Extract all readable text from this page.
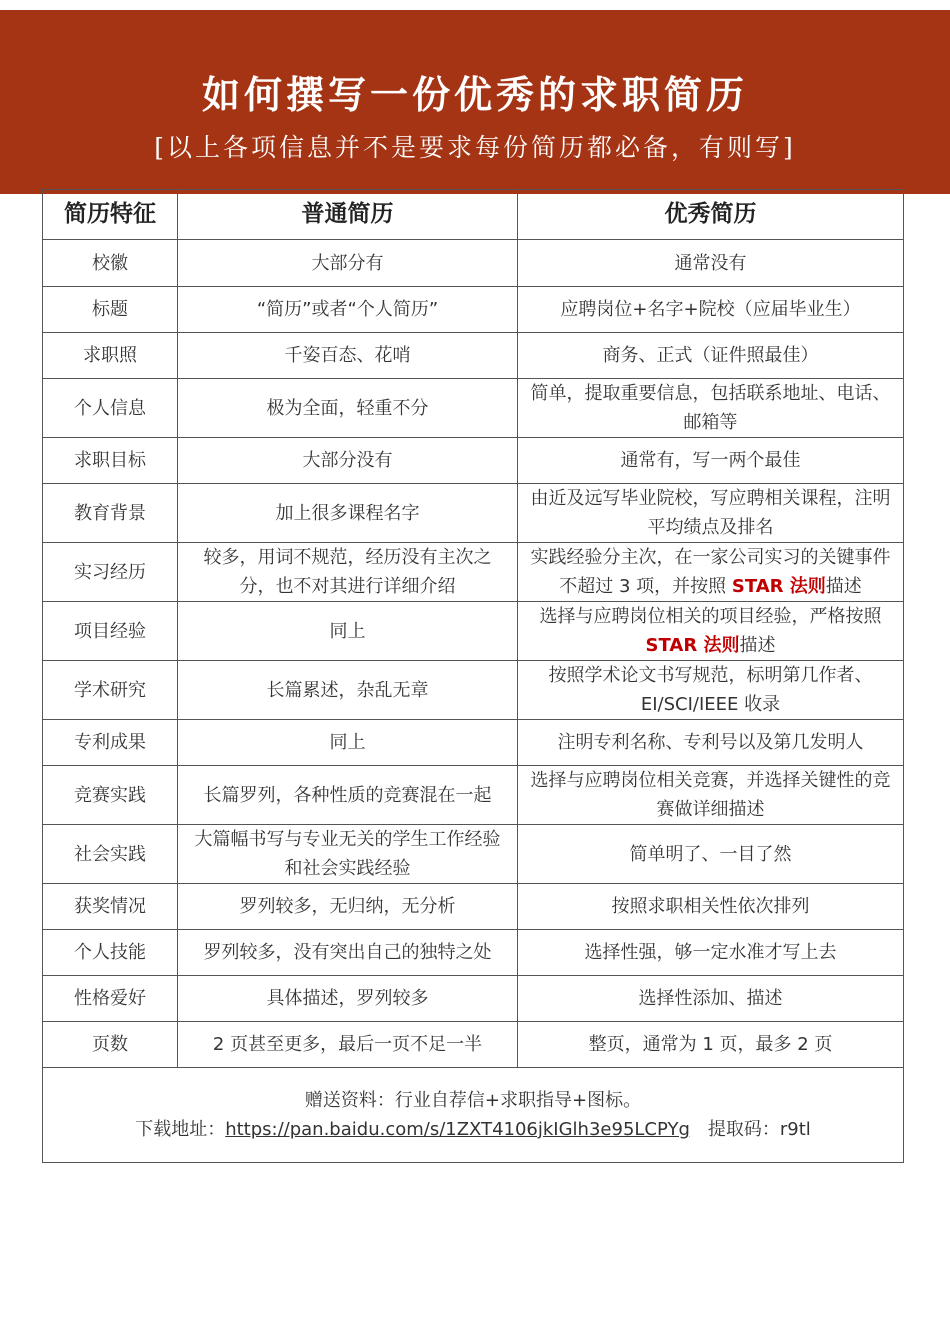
如何撰写一份优秀的求职简历
[以上各项信息并不是要求每份简历都必备，有则写]
简历特征	普通简历	优秀简历
校徽	大部分有	通常没有
标题	“简历”或者“个人简历”	应聘岗位+名字+院校（应届毕业生）
求职照	千姿百态、花哨	商务、正式（证件照最佳）
个人信息	极为全面，轻重不分	简单，提取重要信息，包括联系地址、电话、邮箱等
求职目标	大部分没有	通常有，写一两个最佳
教育背景	加上很多课程名字	由近及远写毕业院校，写应聘相关课程，注明平均绩点及排名
实习经历	较多，用词不规范，经历没有主次之分，也不对其进行详细介绍	实践经验分主次，在一家公司实习的关键事件不超过 3 项，并按照 STAR 法则描述
项目经验	同上	选择与应聘岗位相关的项目经验，严格按照 STAR 法则描述
学术研究	长篇累述，杂乱无章	按照学术论文书写规范，标明第几作者、EI/SCI/IEEE 收录
专利成果	同上	注明专利名称、专利号以及第几发明人
竞赛实践	长篇罗列，各种性质的竞赛混在一起	选择与应聘岗位相关竞赛，并选择关键性的竞赛做详细描述
社会实践	大篇幅书写与专业无关的学生工作经验和社会实践经验	简单明了、一目了然
获奖情况	罗列较多，无归纳，无分析	按照求职相关性依次排列
个人技能	罗列较多，没有突出自己的独特之处	选择性强，够一定水准才写上去
性格爱好	具体描述，罗列较多	选择性添加、描述
页数	2 页甚至更多，最后一页不足一半	整页，通常为 1 页，最多 2 页

赠送资料：行业自荐信+求职指导+图标。
下载地址：https://pan.baidu.com/s/1ZXT4106jkIGlh3e95LCPYg 提取码：r9tl		
